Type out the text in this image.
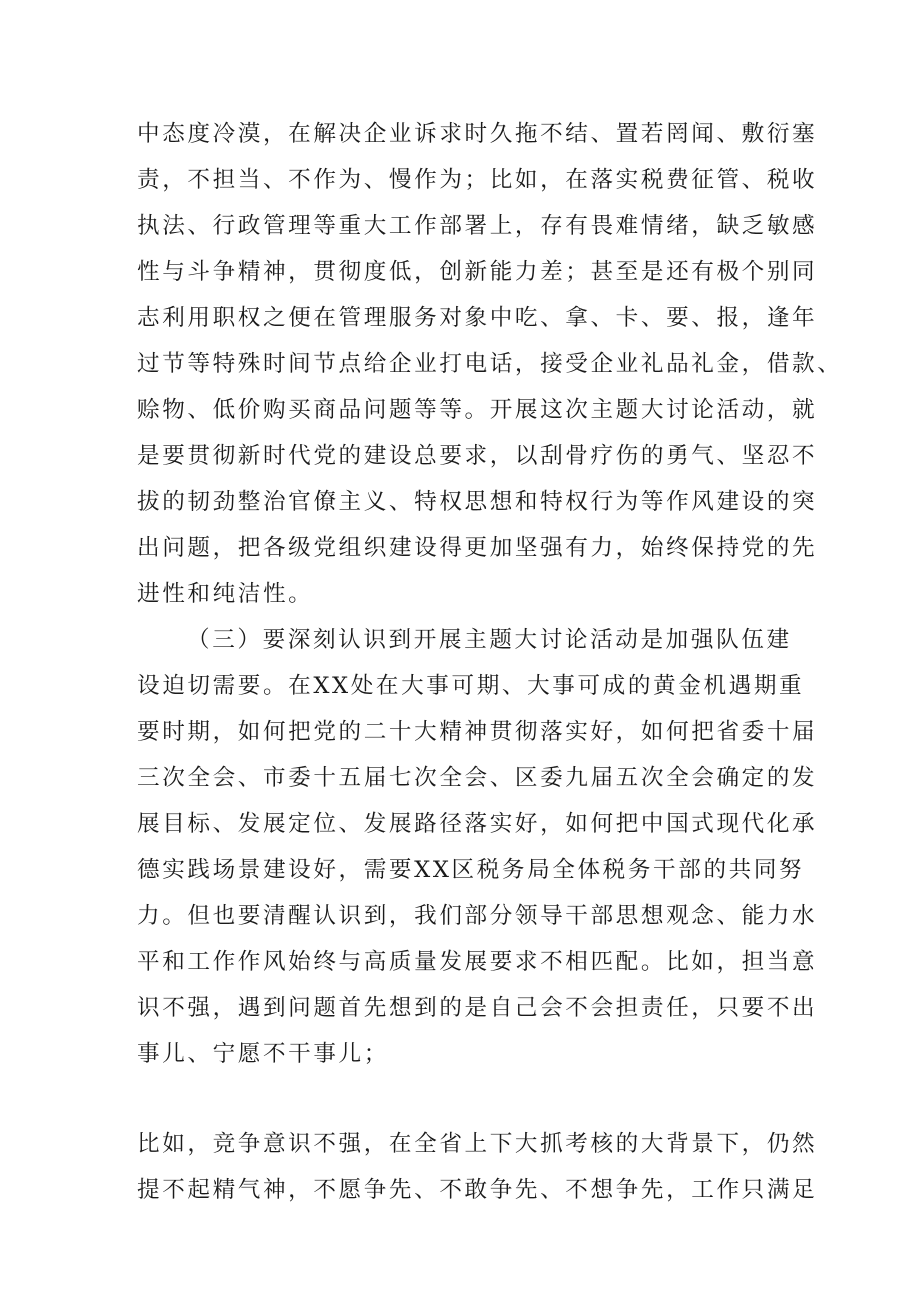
中态度冷漠，在解决企业诉求时久拖不结、置若罔闻、敷衍塞
责，不担当、不作为、慢作为；比如，在落实税费征管、税收
执法、行政管理等重大工作部署上，存有畏难情绪，缺乏敏感
性与斗争精神，贯彻度低，创新能力差；甚至是还有极个别同
志利用职权之便在管理服务对象中吃、拿、卡、要、报，逢年
过节等特殊时间节点给企业打电话，接受企业礼品礼金，借款、
赊物、低价购买商品问题等等。开展这次主题大讨论活动，就
是要贯彻新时代党的建设总要求，以刮骨疗伤的勇气、坚忍不
拔的韧劲整治官僚主义、特权思想和特权行为等作风建设的突
出问题，把各级党组织建设得更加坚强有力，始终保持党的先
进性和纯洁性。
（三）要深刻认识到开展主题大讨论活动是加强队伍建
设迫切需要。在XX处在大事可期、大事可成的黄金机遇期重
要时期，如何把党的二十大精神贯彻落实好，如何把省委十届
三次全会、市委十五届七次全会、区委九届五次全会确定的发
展目标、发展定位、发展路径落实好，如何把中国式现代化承
德实践场景建设好，需要XX区税务局全体税务干部的共同努
力。但也要清醒认识到，我们部分领导干部思想观念、能力水
平和工作作风始终与高质量发展要求不相匹配。比如，担当意
识不强，遇到问题首先想到的是自己会不会担责任，只要不出
事儿、宁愿不干事儿；
比如，竞争意识不强，在全省上下大抓考核的大背景下，仍然
提不起精气神，不愿争先、不敢争先、不想争先，工作只满足
